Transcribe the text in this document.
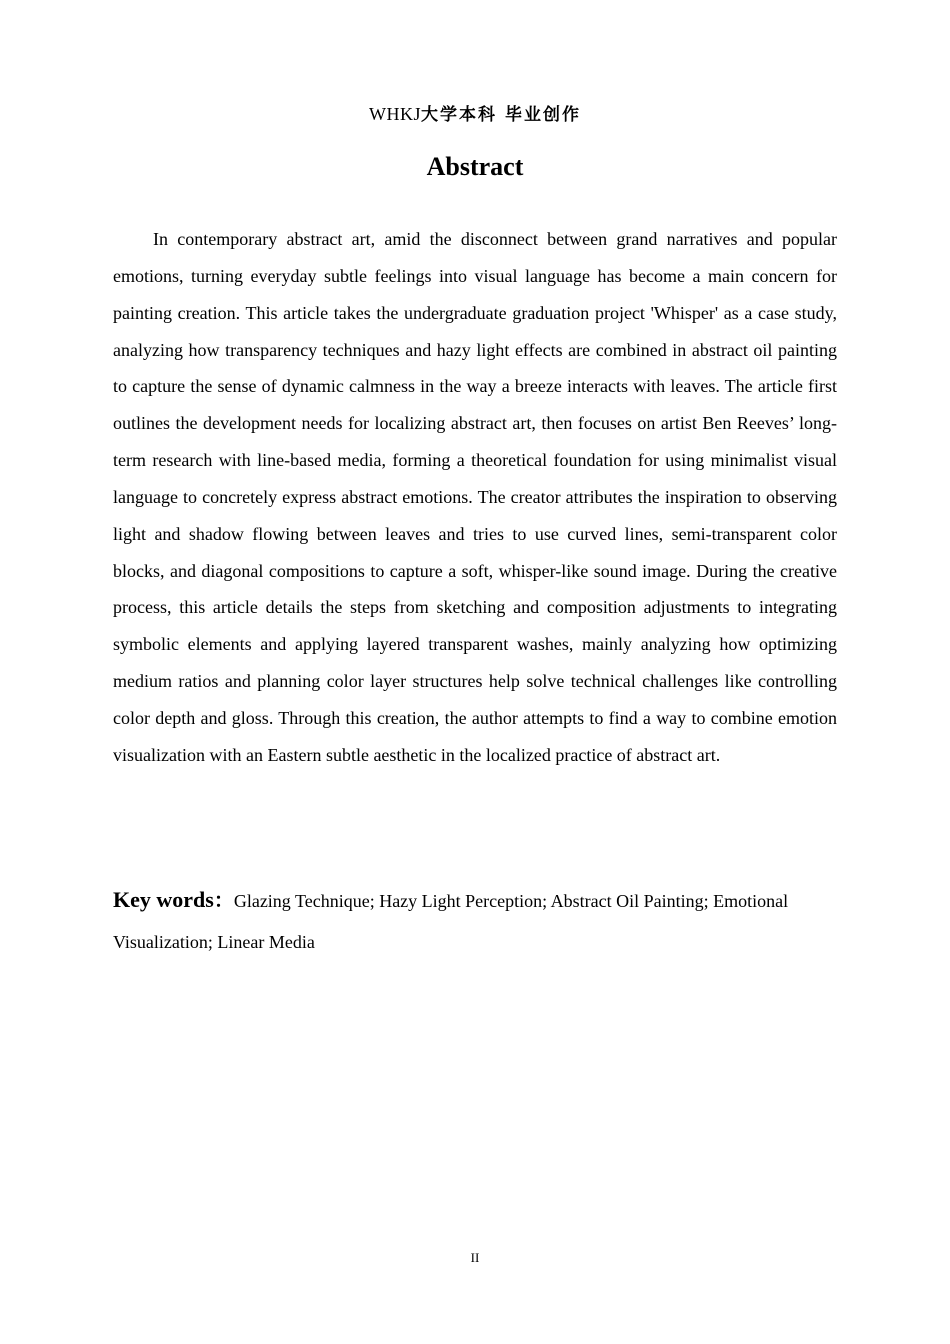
WHKJ大学本科 毕业创作
Abstract

In contemporary abstract art, amid the disconnect between grand narratives and popular emotions, turning everyday subtle feelings into visual language has become a main concern for painting creation. This article takes the undergraduate graduation project 'Whisper' as a case study, analyzing how transparency techniques and hazy light effects are combined in abstract oil painting to capture the sense of dynamic calmness in the way a breeze interacts with leaves. The article first outlines the development needs for localizing abstract art, then focuses on artist Ben Reeves’ long-term research with line-based media, forming a theoretical foundation for using minimalist visual language to concretely express abstract emotions. The creator attributes the inspiration to observing light and shadow flowing between leaves and tries to use curved lines, semi-transparent color blocks, and diagonal compositions to capture a soft, whisper-like sound image. During the creative process, this article details the steps from sketching and composition adjustments to integrating symbolic elements and applying layered transparent washes, mainly analyzing how optimizing medium ratios and planning color layer structures help solve technical challenges like controlling color depth and gloss. Through this creation, the author attempts to find a way to combine emotion visualization with an Eastern subtle aesthetic in the localized practice of abstract art.

Key words：Glazing Technique; Hazy Light Perception; Abstract Oil Painting; Emotional Visualization; Linear Media

II
